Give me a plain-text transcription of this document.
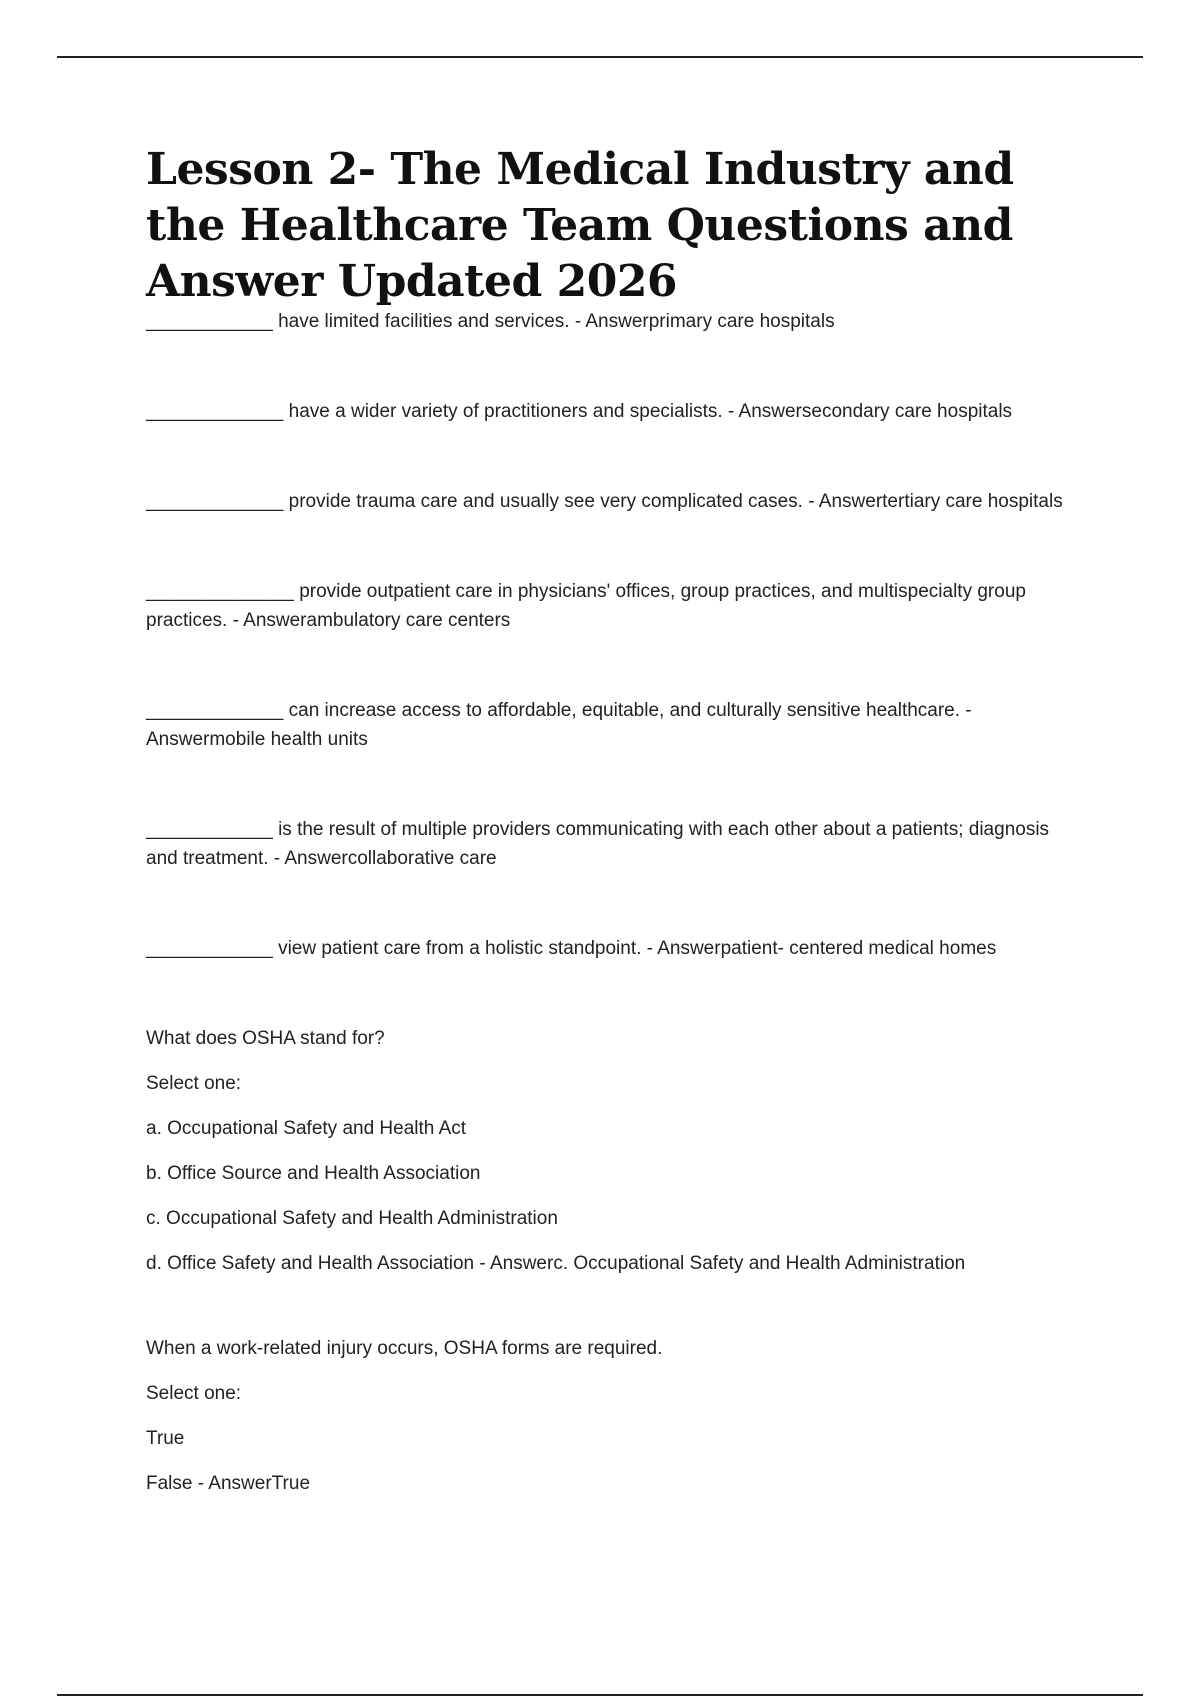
Lesson 2- The Medical Industry and the Healthcare Team Questions and Answer Updated 2026

____________ have limited facilities and services. - Answerprimary care hospitals

_____________ have a wider variety of practitioners and specialists. - Answersecondary care hospitals

_____________ provide trauma care and usually see very complicated cases. - Answertertiary care hospitals

______________ provide outpatient care in physicians' offices, group practices, and multispecialty group practices. - Answerambulatory care centers

_____________ can increase access to affordable, equitable, and culturally sensitive healthcare. - Answermobile health units

____________ is the result of multiple providers communicating with each other about a patients; diagnosis and treatment. - Answercollaborative care

____________ view patient care from a holistic standpoint. - Answerpatient- centered medical homes

What does OSHA stand for?

Select one:

a. Occupational Safety and Health Act

b. Office Source and Health Association

c. Occupational Safety and Health Administration

d. Office Safety and Health Association - Answerc. Occupational Safety and Health Administration

When a work-related injury occurs, OSHA forms are required.

Select one:

True

False - AnswerTrue
